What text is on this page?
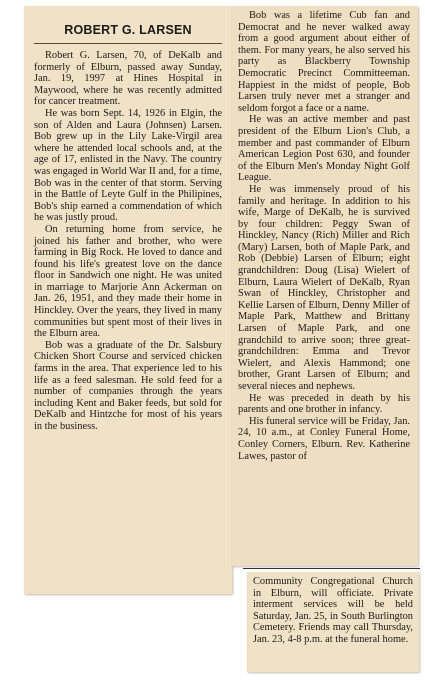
ROBERT G. LARSEN

Robert G. Larsen, 70, of DeKalb and formerly of Elburn, passed away Sunday, Jan. 19, 1997 at Hines Hospital in Maywood, where he was recently admitted for cancer treatment.

He was born Sept. 14, 1926 in Elgin, the son of Alden and Laura (Johnsen) Larsen. Bob grew up in the Lily Lake-Virgil area where he attended local schools and, at the age of 17, enlisted in the Navy. The country was engaged in World War II and, for a time, Bob was in the center of that storm. Serving in the Battle of Leyte Gulf in the Philipines, Bob's ship earned a commendation of which he was justly proud.

On returning home from service, he joined his father and brother, who were farming in Big Rock. He loved to dance and found his life's greatest love on the dance floor in Sandwich one night. He was united in marriage to Marjorie Ann Ackerman on Jan. 26, 1951, and they made their home in Hinckley. Over the years, they lived in many communities but spent most of their lives in the Elburn area.

Bob was a graduate of the Dr. Salsbury Chicken Short Course and serviced chicken farms in the area. That experience led to his life as a feed salesman. He sold feed for a number of companies through the years including Kent and Baker feeds, but sold for DeKalb and Hintzche for most of his years in the business.

Bob was a lifetime Cub fan and Democrat and he never walked away from a good argument about either of them. For many years, he also served his party as Blackberry Township Democratic Precinct Committeeman. Happiest in the midst of people, Bob Larsen truly never met a stranger and seldom forgot a face or a name.

He was an active member and past president of the Elburn Lion's Club, a member and past commander of Elburn American Legion Post 630, and founder of the Elburn Men's Monday Night Golf League.

He was immensely proud of his family and heritage. In addition to his wife, Marge of DeKalb, he is survived by four children: Peggy Swan of Hinckley, Nancy (Rich) Miller and Rich (Mary) Larsen, both of Maple Park, and Rob (Debbie) Larsen of Elburn; eight grandchildren: Doug (Lisa) Wielert of Elburn, Laura Wielert of DeKalb, Ryan Swan of Hinckley, Christopher and Kellie Larsen of Elburn, Denny Miller of Maple Park, Matthew and Brittany Larsen of Maple Park, and one grandchild to arrive soon; three great-grandchildren: Emma and Trevor Wielert, and Alexis Hammond; one brother, Grant Larsen of Elburn; and several nieces and nephews.

He was preceded in death by his parents and one brother in infancy.

His funeral service will be Friday, Jan. 24, 10 a.m., at Conley Funeral Home, Conley Corners, Elburn. Rev. Katherine Lawes, pastor of

Community Congregational Church in Elburn, will officiate. Private interment services will be held Saturday, Jan. 25, in South Burlington Cemetery. Friends may call Thursday, Jan. 23, 4-8 p.m. at the funeral home.
